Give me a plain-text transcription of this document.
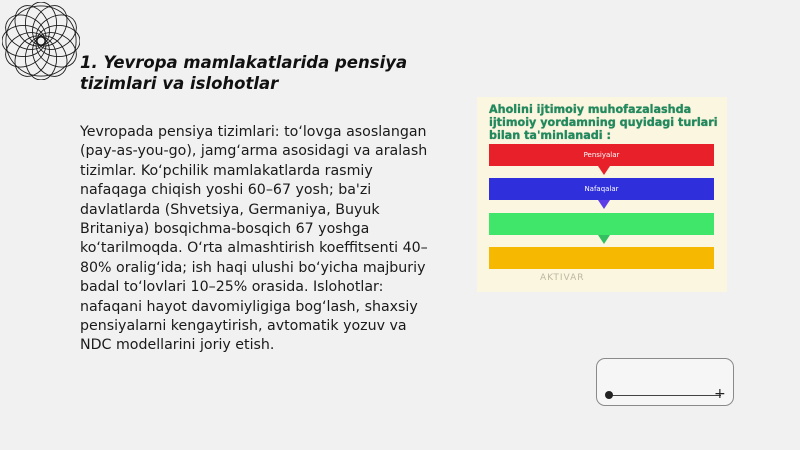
1. Yevropa mamlakatlarida pensiya tizimlari va islohotlar
Yevropada pensiya tizimlari: to‘lovga asoslangan (pay-as-you-go), jamg‘arma asosidagi va aralash tizimlar. Ko‘pchilik mamlakatlarda rasmiy nafaqaga chiqish yoshi 60–67 yosh; ba'zi davlatlarda (Shvetsiya, Germaniya, Buyuk Britaniya) bosqichma-bosqich 67 yoshga ko‘tarilmoqda. O‘rta almashtirish koeffitsenti 40–80% oralig‘ida; ish haqi ulushi bo‘yicha majburiy badal to‘lovlari 10–25% orasida. Islohotlar: nafaqani hayot davomiyligiga bog‘lash, shaxsiy pensiyalarni kengaytirish, avtomatik yozuv va NDC modellarini joriy etish.
Aholini ijtimoiy muhofazalashda ijtimoiy yordamning quyidagi turlari bilan ta'minlanadi :
Pensiyalar
Nafaqalar
AKTIVAR
+
